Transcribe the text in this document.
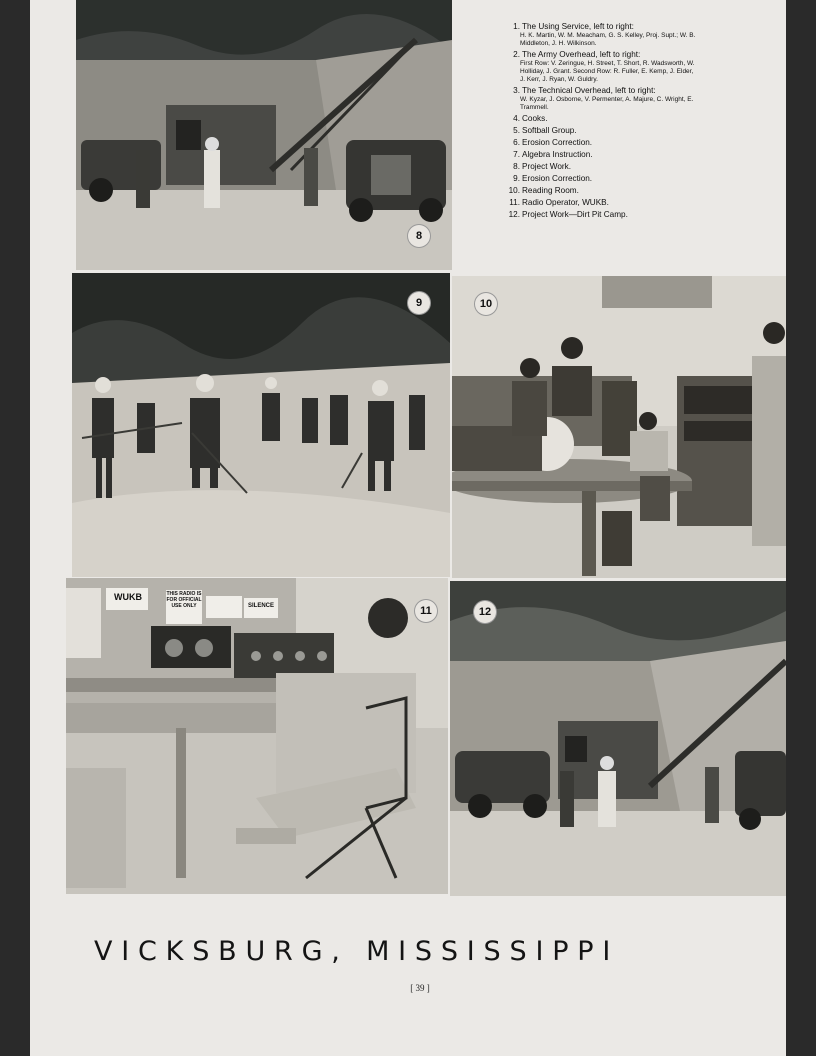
8
1. The Using Service, left to right:
H. K. Martin, W. M. Meacham, G. S. Kelley, Proj. Supt.; W. B.
Middleton, J. H. Wilkinson.
2. The Army Overhead, left to right:
First Row: V. Zeringue, H. Street, T. Short, R. Wadsworth, W.
Holliday, J. Grant. Second Row: R. Fuller, E. Kemp, J. Elder,
J. Kerr, J. Ryan, W. Guldry.
3. The Technical Overhead, left to right:
W. Kyzar, J. Osborne, V. Permenter, A. Majure, C. Wright, E.
Trammell.
4. Cooks.
5. Softball Group.
6. Erosion Correction.
7. Algebra Instruction.
8. Project Work.
9. Erosion Correction.
10. Reading Room.
11. Radio Operator, WUKB.
12. Project Work—Dirt Pit Camp.
9	10
WUKB	THIS RADIO IS FOR OFFICIAL USE ONLY	SILENCE	11	12
VICKSBURG, MISSISSIPPI
[ 39 ]
